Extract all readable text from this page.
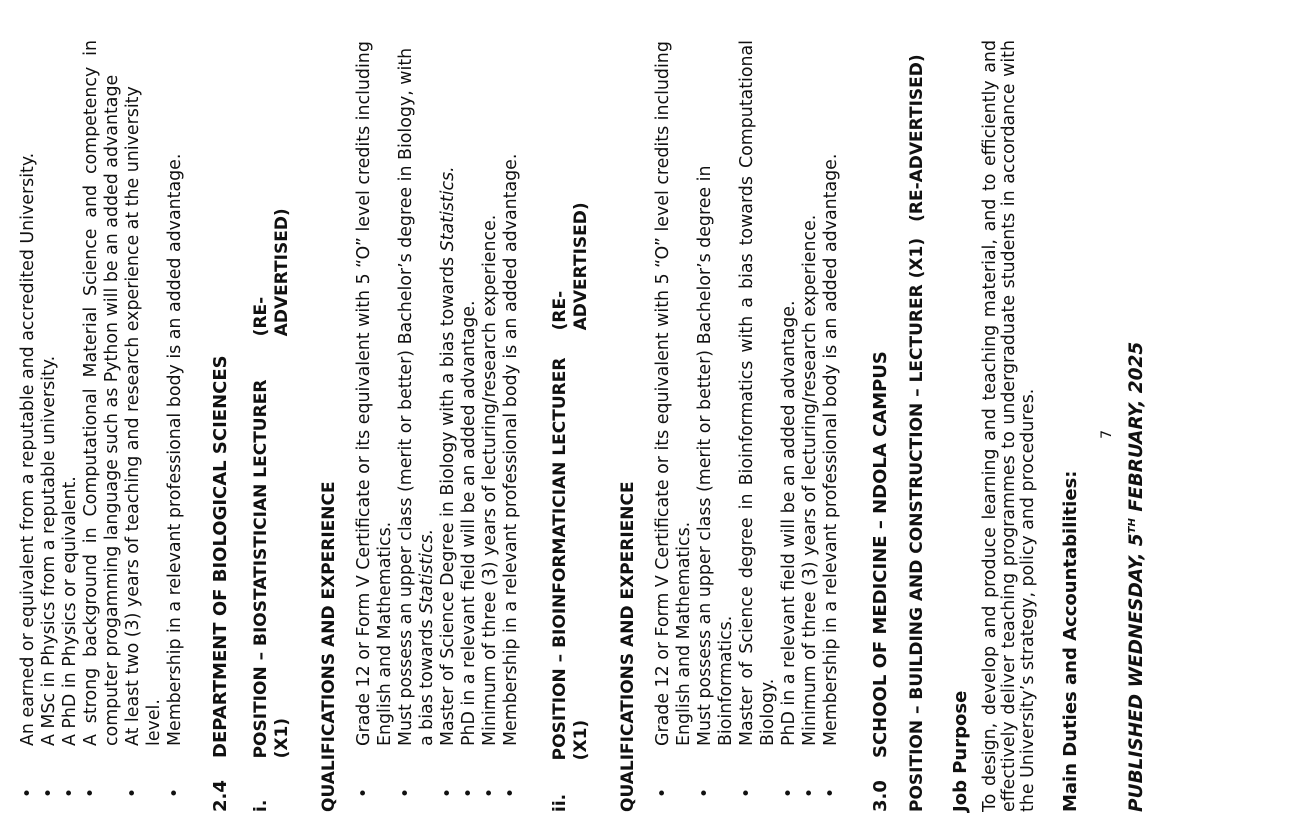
• An earned or equivalent from a reputable and accredited University. • A MSc in Physics from a reputable university. • A PhD in Physics or equivalent. • A strong background in Computational Material Science and competency in computer progamming language such as Python will be an added advantage • At least two (3) years of teaching and research experience at the university level. • Membership in a relevant professional body is an added advantage.
2.4
DEPARTMENT OF BIOLOGICAL SCIENCES
i.
POSITION – BIOSTATISTICIAN LECTURER (X1)
(RE-ADVERTISED)
QUALIFICATIONS AND EXPERIENCE • Grade 12 or Form V Certificate or its equivalent with 5 “O” level credits including English and Mathematics. • Must possess an upper class (merit or better) Bachelor’s degree in Biology, with a bias towards Statistics. • Master of Science Degree in Biology with a bias towards Statistics.
• PhD in a relevant field will be an added advantage. • Minimum of three (3) years of lecturing/research experience. • Membership in a relevant professional body is an added advantage.
ii.
POSITION – BIOINFORMATICIAN LECTURER (X1)
(RE-ADVERTISED)
QUALIFICATIONS AND EXPERIENCE • Grade 12 or Form V Certificate or its equivalent with 5 “O” level credits including English and Mathematics. • Must possess an upper class (merit or better) Bachelor’s degree in Bioinformatics. • Master of Science degree in Bioinformatics with a bias towards Computational Biology. • PhD in a relevant field will be an added advantage. • Minimum of three (3) years of lecturing/research experience. • Membership in a relevant professional body is an added advantage.
3.0
SCHOOL OF MEDICINE – NDOLA CAMPUS POSITION – BUILDING AND CONSTRUCTION – LECTURER (X1)
(RE-ADVERTISED)
Job Purpose To design, develop and produce learning and teaching material, and to efficiently and effectively deliver teaching programmes to undergraduate students in accordance with the University’s strategy, policy and procedures. Main Duties and Accountabilities:
7
PUBLISHED WEDNESDAY, 5TH FEBRUARY, 2025
